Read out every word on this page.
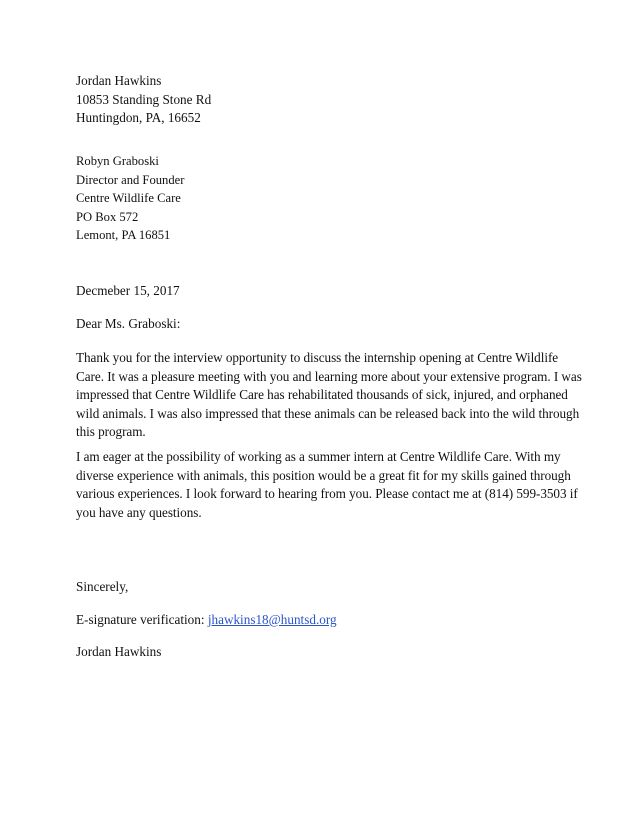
Jordan Hawkins
10853 Standing Stone Rd
Huntingdon, PA, 16652
Robyn Graboski
Director and Founder
Centre Wildlife Care
PO Box 572
Lemont, PA 16851
Decmeber 15, 2017
Dear Ms. Graboski:
Thank you for the interview opportunity to discuss the internship opening at Centre Wildlife
Care. It was a pleasure meeting with you and learning more about your extensive program. I was
impressed that Centre Wildlife Care has rehabilitated thousands of sick, injured, and orphaned
wild animals. I was also impressed that these animals can be released back into the wild through
this program.
I am eager at the possibility of working as a summer intern at Centre Wildlife Care. With my
diverse experience with animals, this position would be a great fit for my skills gained through
various experiences. I look forward to hearing from you. Please contact me at (814) 599-3503 if
you have any questions.
Sincerely,
E-signature verification: jhawkins18@huntsd.org
Jordan Hawkins
